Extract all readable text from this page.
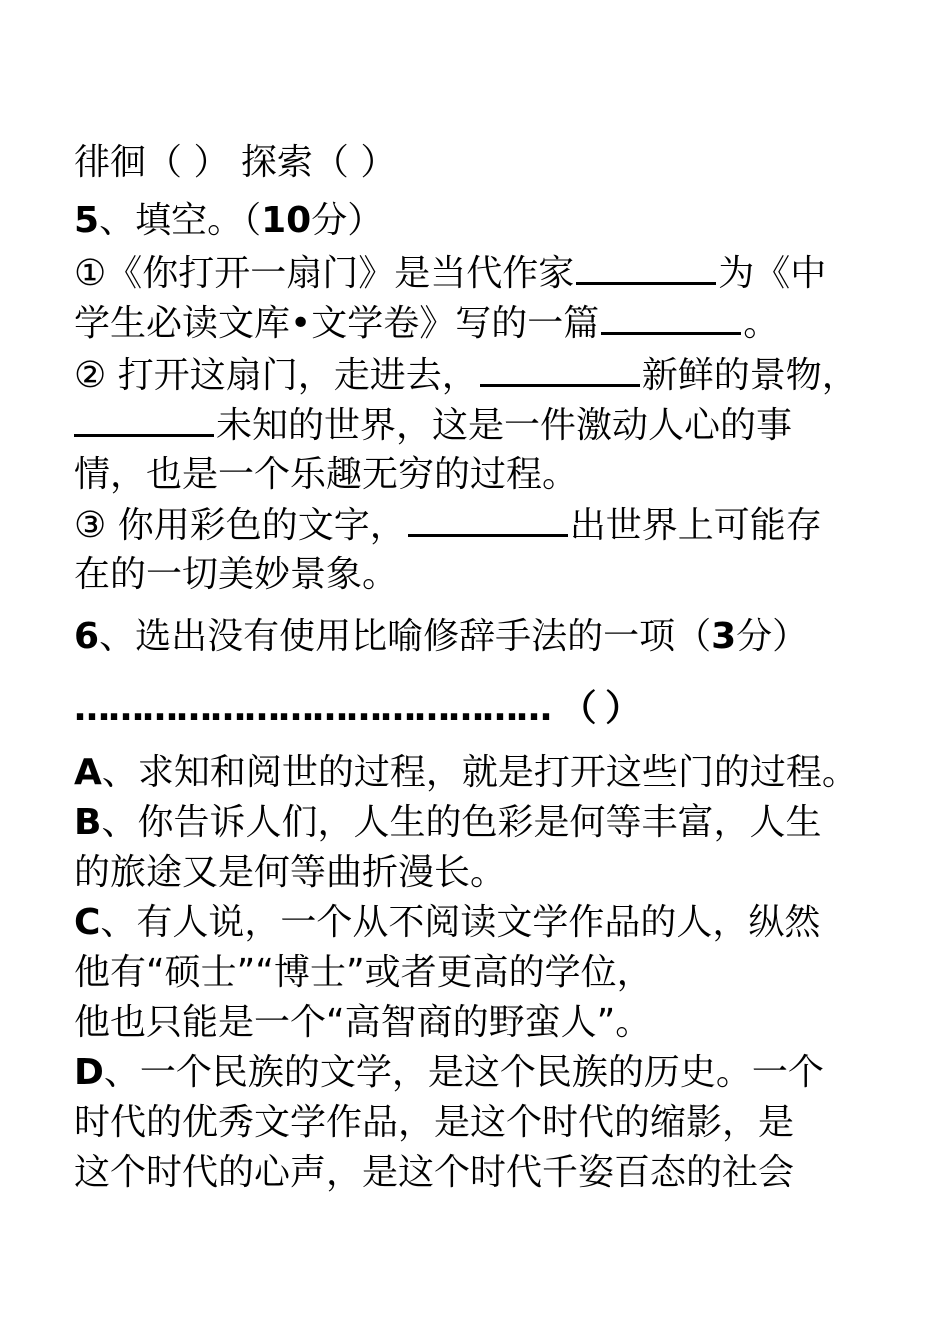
徘徊（ ） 探索（ ）
5、填空。（10分）
①《你打开一扇门》是当代作家	为《中
学生必读文库•文学卷》写的一篇	。
② 打开这扇门，走进去，	新鲜的景物，
未知的世界，这是一件激动人心的事
情，也是一个乐趣无穷的过程。
③ 你用彩色的文字，	出世界上可能存
在的一切美妙景象。
6、选出没有使用比喻修辞手法的一项（3分）
…………………………………… （ ）
A、求知和阅世的过程，就是打开这些门的过程。
B、你告诉人们，人生的色彩是何等丰富，人生
的旅途又是何等曲折漫长。
C、有人说，一个从不阅读文学作品的人，纵然
他有“硕士”“博士”或者更高的学位，
他也只能是一个“高智商的野蛮人”。
D、一个民族的文学，是这个民族的历史。一个
时代的优秀文学作品，是这个时代的缩影，是
这个时代的心声，是这个时代千姿百态的社会
